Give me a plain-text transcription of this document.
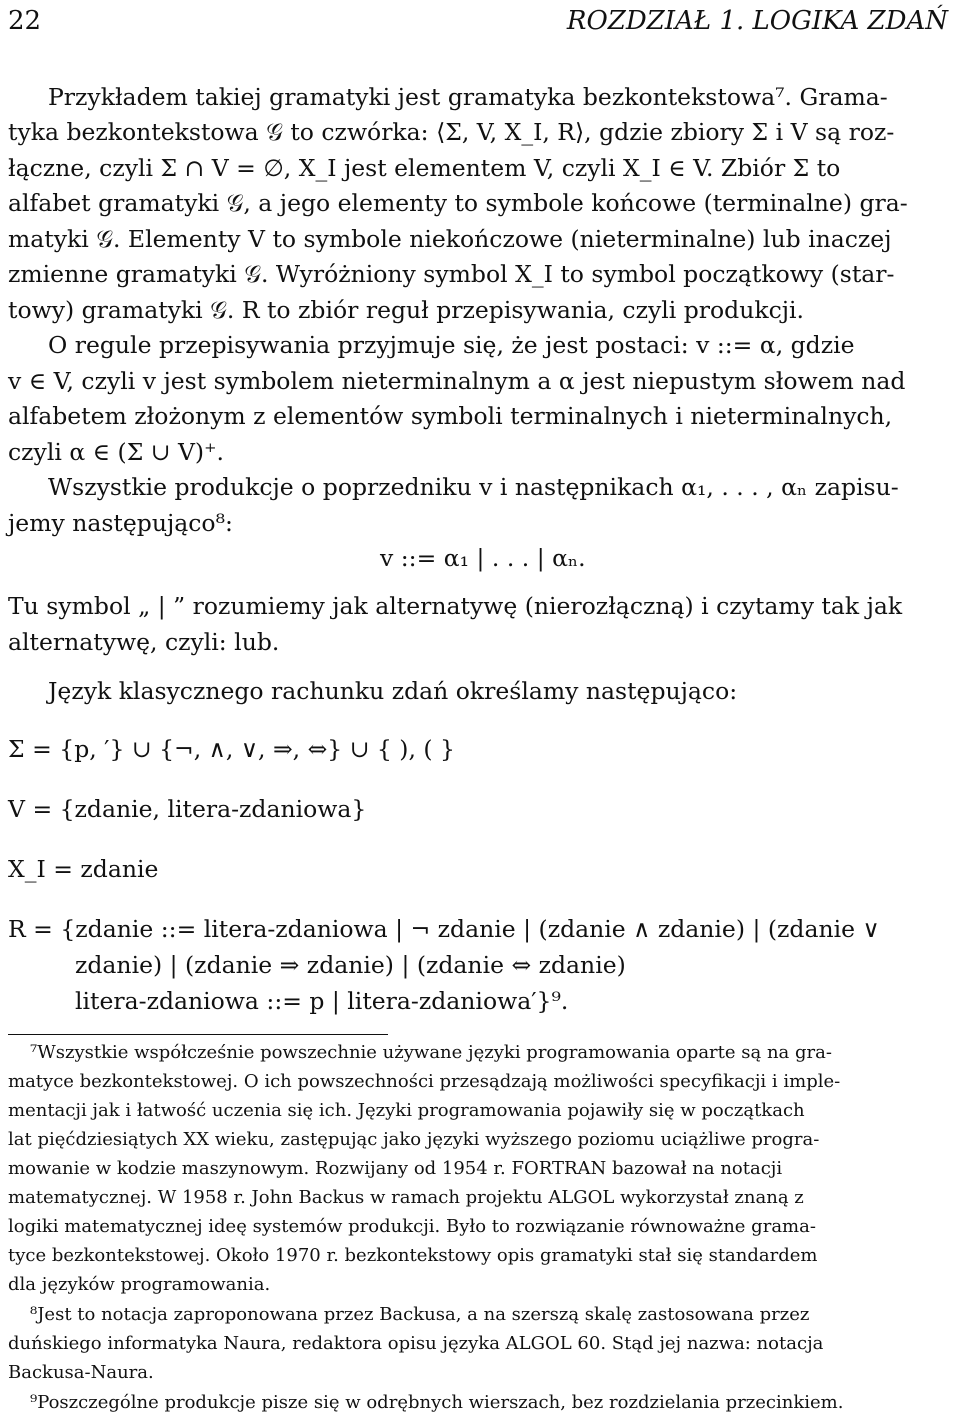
22	ROZDZIAŁ 1. LOGIKA ZDAŃ
Przykładem takiej gramatyki jest gramatyka bezkontekstowa⁷. Grama-
tyka bezkontekstowa 𝒢 to czwórka: ⟨Σ, V, X_I, R⟩, gdzie zbiory Σ i V są roz-
łączne, czyli Σ ∩ V = ∅, X_I jest elementem V, czyli X_I ∈ V. Zbiór Σ to
alfabet gramatyki 𝒢, a jego elementy to symbole końcowe (terminalne) gra-
matyki 𝒢. Elementy V to symbole niekończowe (nieterminalne) lub inaczej
zmienne gramatyki 𝒢. Wyróżniony symbol X_I to symbol początkowy (star-
towy) gramatyki 𝒢. R to zbiór reguł przepisywania, czyli produkcji.
O regule przepisywania przyjmuje się, że jest postaci: v ::= α, gdzie
v ∈ V, czyli v jest symbolem nieterminalnym a α jest niepustym słowem nad
alfabetem złożonym z elementów symboli terminalnych i nieterminalnych,
czyli α ∈ (Σ ∪ V)⁺.
Wszystkie produkcje o poprzedniku v i następnikach α₁, . . . , αₙ zapisu-
jemy następująco⁸:
v ::= α₁ | . . . | αₙ.
Tu symbol „ | ” rozumiemy jak alternatywę (nierozłączną) i czytamy tak jak
alternatywę, czyli: lub.
Język klasycznego rachunku zdań określamy następująco:
Σ = {p, ′} ∪ {¬, ∧, ∨, ⇒, ⇔} ∪ { ), ( }
V = {zdanie, litera-zdaniowa}
X_I = zdanie
R = {zdanie ::= litera-zdaniowa | ¬ zdanie | (zdanie ∧ zdanie) | (zdanie ∨
zdanie) | (zdanie ⇒ zdanie) | (zdanie ⇔ zdanie)
litera-zdaniowa ::= p | litera-zdaniowa′}⁹.
⁷Wszystkie współcześnie powszechnie używane języki programowania oparte są na gra-
matyce bezkontekstowej. O ich powszechności przesądzają możliwości specyfikacji i imple-
mentacji jak i łatwość uczenia się ich. Języki programowania pojawiły się w początkach
lat pięćdziesiątych XX wieku, zastępując jako języki wyższego poziomu uciążliwe progra-
mowanie w kodzie maszynowym. Rozwijany od 1954 r. FORTRAN bazował na notacji
matematycznej. W 1958 r. John Backus w ramach projektu ALGOL wykorzystał znaną z
logiki matematycznej ideę systemów produkcji. Było to rozwiązanie równoważne grama-
tyce bezkontekstowej. Około 1970 r. bezkontekstowy opis gramatyki stał się standardem
dla języków programowania.
⁸Jest to notacja zaproponowana przez Backusa, a na szerszą skalę zastosowana przez
duńskiego informatyka Naura, redaktora opisu języka ALGOL 60. Stąd jej nazwa: notacja
Backusa-Naura.
⁹Poszczególne produkcje pisze się w odrębnych wierszach, bez rozdzielania przecinkiem.
